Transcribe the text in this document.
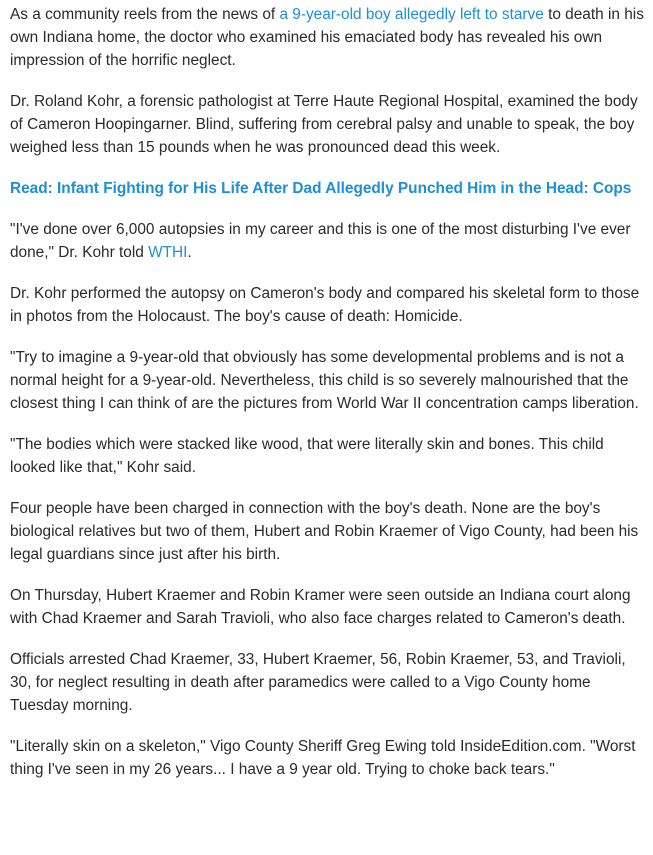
As a community reels from the news of a 9-year-old boy allegedly left to starve to death in his own Indiana home, the doctor who examined his emaciated body has revealed his own impression of the horrific neglect.

Dr. Roland Kohr, a forensic pathologist at Terre Haute Regional Hospital, examined the body of Cameron Hoopingarner. Blind, suffering from cerebral palsy and unable to speak, the boy weighed less than 15 pounds when he was pronounced dead this week.

Read: Infant Fighting for His Life After Dad Allegedly Punched Him in the Head: Cops

"I've done over 6,000 autopsies in my career and this is one of the most disturbing I've ever done," Dr. Kohr told WTHI.

Dr. Kohr performed the autopsy on Cameron's body and compared his skeletal form to those in photos from the Holocaust. The boy's cause of death: Homicide.

"Try to imagine a 9-year-old that obviously has some developmental problems and is not a normal height for a 9-year-old. Nevertheless, this child is so severely malnourished that the closest thing I can think of are the pictures from World War II concentration camps liberation.

"The bodies which were stacked like wood, that were literally skin and bones. This child looked like that," Kohr said.

Four people have been charged in connection with the boy's death. None are the boy's biological relatives but two of them, Hubert and Robin Kraemer of Vigo County, had been his legal guardians since just after his birth.

On Thursday, Hubert Kraemer and Robin Kramer were seen outside an Indiana court along with Chad Kraemer and Sarah Travioli, who also face charges related to Cameron's death.

Officials arrested Chad Kraemer, 33, Hubert Kraemer, 56, Robin Kraemer, 53, and Travioli, 30, for neglect resulting in death after paramedics were called to a Vigo County home Tuesday morning.

"Literally skin on a skeleton," Vigo County Sheriff Greg Ewing told InsideEdition.com. "Worst thing I've seen in my 26 years... I have a 9 year old. Trying to choke back tears."
